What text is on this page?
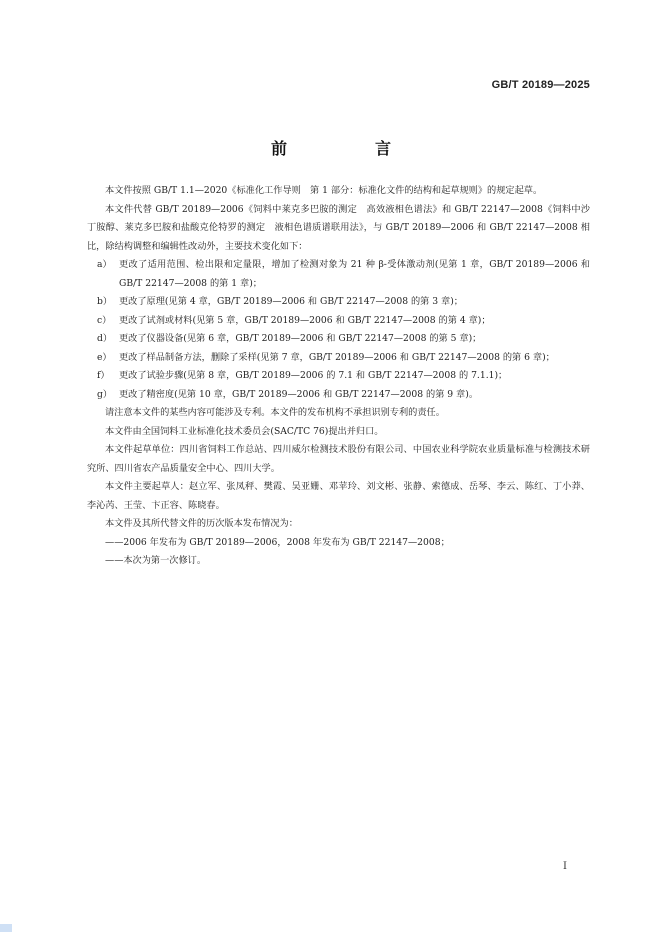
GB/T 20189—2025
前　言

本文件按照 GB/T 1.1—2020《标准化工作导则　第 1 部分：标准化文件的结构和起草规则》的规定起草。

本文件代替 GB/T 20189—2006《饲料中莱克多巴胺的测定　高效液相色谱法》和 GB/T 22147—2008《饲料中沙丁胺醇、莱克多巴胺和盐酸克伦特罗的测定　液相色谱质谱联用法》，与 GB/T 20189—2006 和 GB/T 22147—2008 相比，除结构调整和编辑性改动外，主要技术变化如下：

a） 更改了适用范围、检出限和定量限，增加了检测对象为 21 种 β-受体激动剂(见第 1 章，GB/T 20189—2006 和 GB/T 22147—2008 的第 1 章)；

b） 更改了原理(见第 4 章，GB/T 20189—2006 和 GB/T 22147—2008 的第 3 章)；

c） 更改了试剂或材料(见第 5 章，GB/T 20189—2006 和 GB/T 22147—2008 的第 4 章)；

d） 更改了仪器设备(见第 6 章，GB/T 20189—2006 和 GB/T 22147—2008 的第 5 章)；

e） 更改了样品制备方法，删除了采样(见第 7 章，GB/T 20189—2006 和 GB/T 22147—2008 的第 6 章)；

f） 更改了试验步骤(见第 8 章，GB/T 20189—2006 的 7.1 和 GB/T 22147—2008 的 7.1.1)；

g） 更改了精密度(见第 10 章，GB/T 20189—2006 和 GB/T 22147—2008 的第 9 章)。

请注意本文件的某些内容可能涉及专利。本文件的发布机构不承担识别专利的责任。

本文件由全国饲料工业标准化技术委员会(SAC/TC 76)提出并归口。

本文件起草单位：四川省饲料工作总站、四川威尔检测技术股份有限公司、中国农业科学院农业质量标准与检测技术研究所、四川省农产品质量安全中心、四川大学。

本文件主要起草人：赵立军、张凤秤、樊霞、吴亚姗、邓苹玲、刘文彬、张静、索德成、岳琴、李云、陈红、丁小莽、李沁芮、王莹、卞正容、陈晓春。

本文件及其所代替文件的历次版本发布情况为：

——2006 年发布为 GB/T 20189—2006，2008 年发布为 GB/T 22147—2008；

——本次为第一次修订。

I
